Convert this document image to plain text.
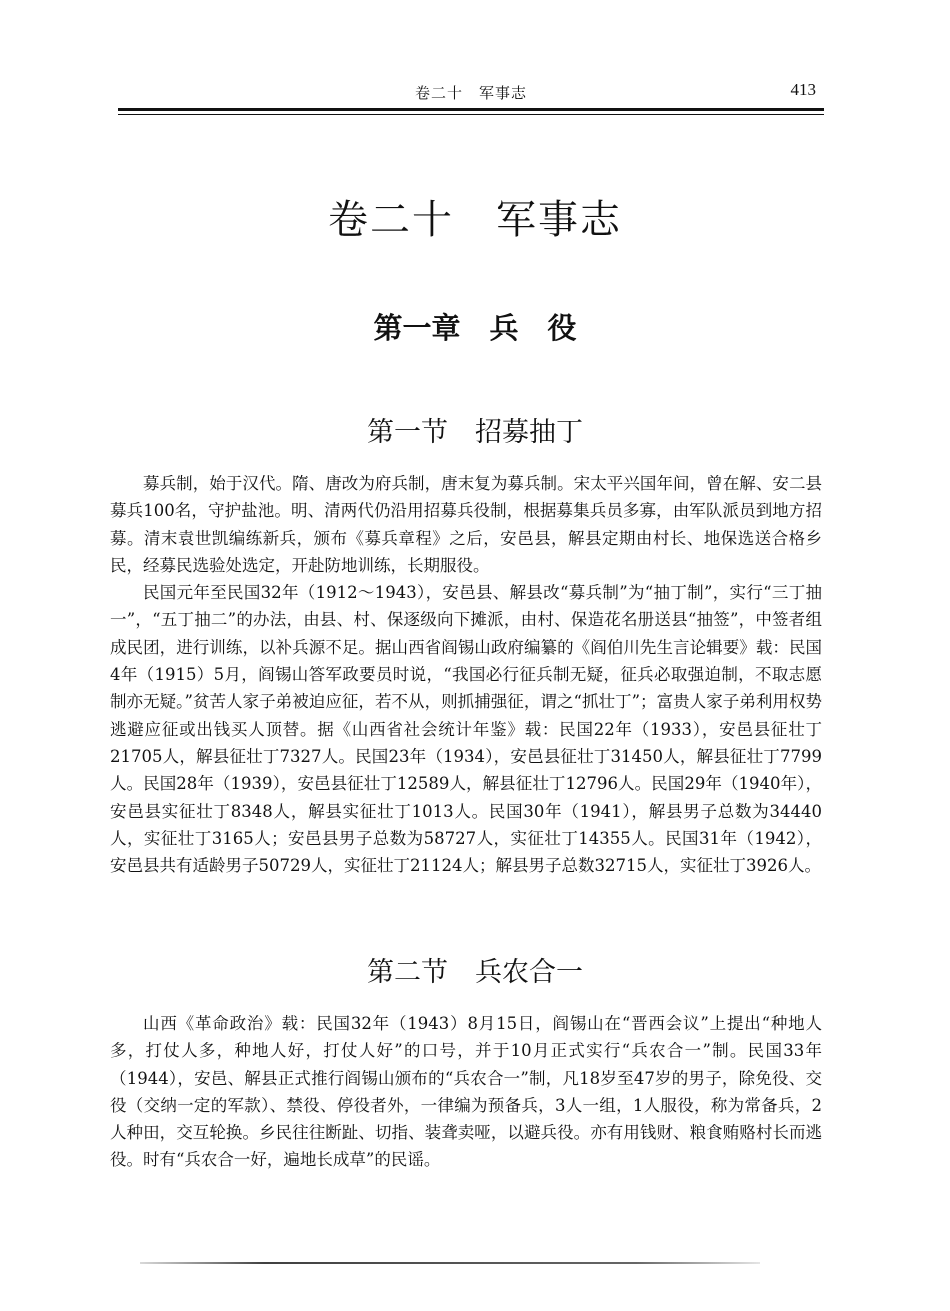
卷二十　军事志	413
卷二十　军事志
第一章　兵　役
第一节　招募抽丁

募兵制，始于汉代。隋、唐改为府兵制，唐末复为募兵制。宋太平兴国年间，曾在解、安二县募兵100名，守护盐池。明、清两代仍沿用招募兵役制，根据募集兵员多寡，由军队派员到地方招募。清末袁世凯编练新兵，颁布《募兵章程》之后，安邑县，解县定期由村长、地保选送合格乡民，经募民选验处选定，开赴防地训练，长期服役。

民国元年至民国32年（1912～1943），安邑县、解县改“募兵制”为“抽丁制”，实行“三丁抽一”，“五丁抽二”的办法，由县、村、保逐级向下摊派，由村、保造花名册送县“抽签”，中签者组成民团，进行训练，以补兵源不足。据山西省阎锡山政府编纂的《阎伯川先生言论辑要》载：民国4年（1915）5月，阎锡山答军政要员时说，“我国必行征兵制无疑，征兵必取强迫制，不取志愿制亦无疑。”贫苦人家子弟被迫应征，若不从，则抓捕强征，谓之“抓壮丁”；富贵人家子弟利用权势逃避应征或出钱买人顶替。据《山西省社会统计年鉴》载：民国22年（1933），安邑县征壮丁21705人，解县征壮丁7327人。民国23年（1934），安邑县征壮丁31450人，解县征壮丁7799人。民国28年（1939），安邑县征壮丁12589人，解县征壮丁12796人。民国29年（1940年），安邑县实征壮丁8348人，解县实征壮丁1013人。民国30年（1941），解县男子总数为34440人，实征壮丁3165人；安邑县男子总数为58727人，实征壮丁14355人。民国31年（1942），安邑县共有适龄男子50729人，实征壮丁21124人；解县男子总数32715人，实征壮丁3926人。

第二节　兵农合一

山西《革命政治》载：民国32年（1943）8月15日，阎锡山在“晋西会议”上提出“种地人多，打仗人多，种地人好，打仗人好”的口号，并于10月正式实行“兵农合一”制。民国33年（1944），安邑、解县正式推行阎锡山颁布的“兵农合一”制，凡18岁至47岁的男子，除免役、交役（交纳一定的军款）、禁役、停役者外，一律编为预备兵，3人一组，1人服役，称为常备兵，2人种田，交互轮换。乡民往往断趾、切指、装聋卖哑，以避兵役。亦有用钱财、粮食贿赂村长而逃役。时有“兵农合一好，遍地长成草”的民谣。
